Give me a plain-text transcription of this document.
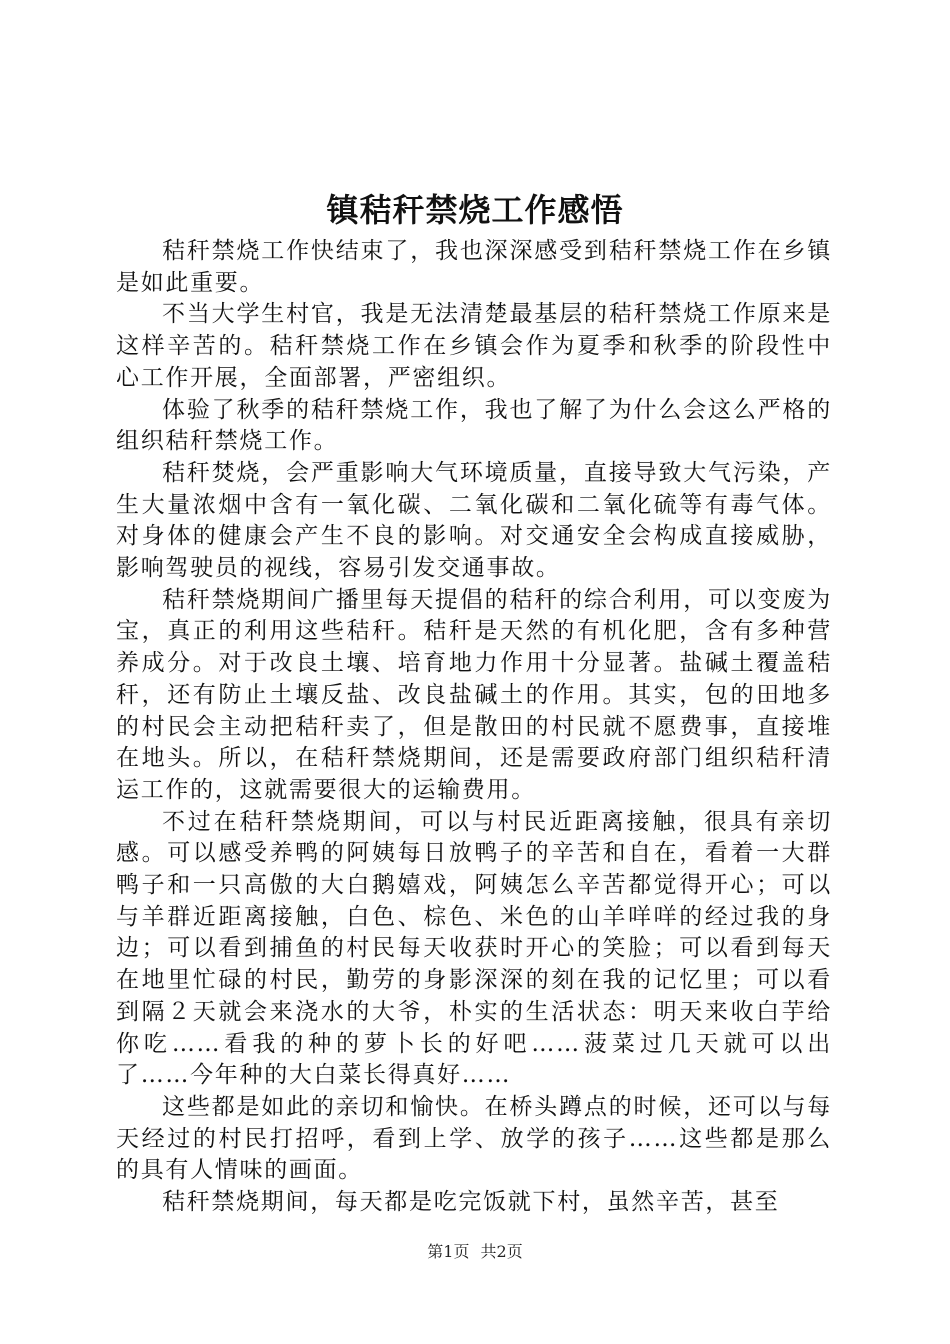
镇秸秆禁烧工作感悟

秸秆禁烧工作快结束了，我也深深感受到秸秆禁烧工作在乡镇是如此重要。

不当大学生村官，我是无法清楚最基层的秸秆禁烧工作原来是这样辛苦的。秸秆禁烧工作在乡镇会作为夏季和秋季的阶段性中心工作开展，全面部署，严密组织。

体验了秋季的秸秆禁烧工作，我也了解了为什么会这么严格的组织秸秆禁烧工作。

秸秆焚烧，会严重影响大气环境质量，直接导致大气污染，产生大量浓烟中含有一氧化碳、二氧化碳和二氧化硫等有毒气体。对身体的健康会产生不良的影响。对交通安全会构成直接威胁，影响驾驶员的视线，容易引发交通事故。

秸秆禁烧期间广播里每天提倡的秸秆的综合利用，可以变废为宝，真正的利用这些秸秆。秸秆是天然的有机化肥，含有多种营养成分。对于改良土壤、培育地力作用十分显著。盐碱土覆盖秸秆，还有防止土壤反盐、改良盐碱土的作用。其实，包的田地多的村民会主动把秸秆卖了，但是散田的村民就不愿费事，直接堆在地头。所以，在秸秆禁烧期间，还是需要政府部门组织秸秆清运工作的，这就需要很大的运输费用。

不过在秸秆禁烧期间，可以与村民近距离接触，很具有亲切感。可以感受养鸭的阿姨每日放鸭子的辛苦和自在，看着一大群鸭子和一只高傲的大白鹅嬉戏，阿姨怎么辛苦都觉得开心；可以与羊群近距离接触，白色、棕色、米色的山羊咩咩的经过我的身边；可以看到捕鱼的村民每天收获时开心的笑脸；可以看到每天在地里忙碌的村民，勤劳的身影深深的刻在我的记忆里；可以看到隔２天就会来浇水的大爷，朴实的生活状态：明天来收白芋给你吃……看我的种的萝卜长的好吧……菠菜过几天就可以出了……今年种的大白菜长得真好……

这些都是如此的亲切和愉快。在桥头蹲点的时候，还可以与每天经过的村民打招呼，看到上学、放学的孩子……这些都是那么的具有人情味的画面。

秸秆禁烧期间，每天都是吃完饭就下村，虽然辛苦，甚至

第1页 共2页
